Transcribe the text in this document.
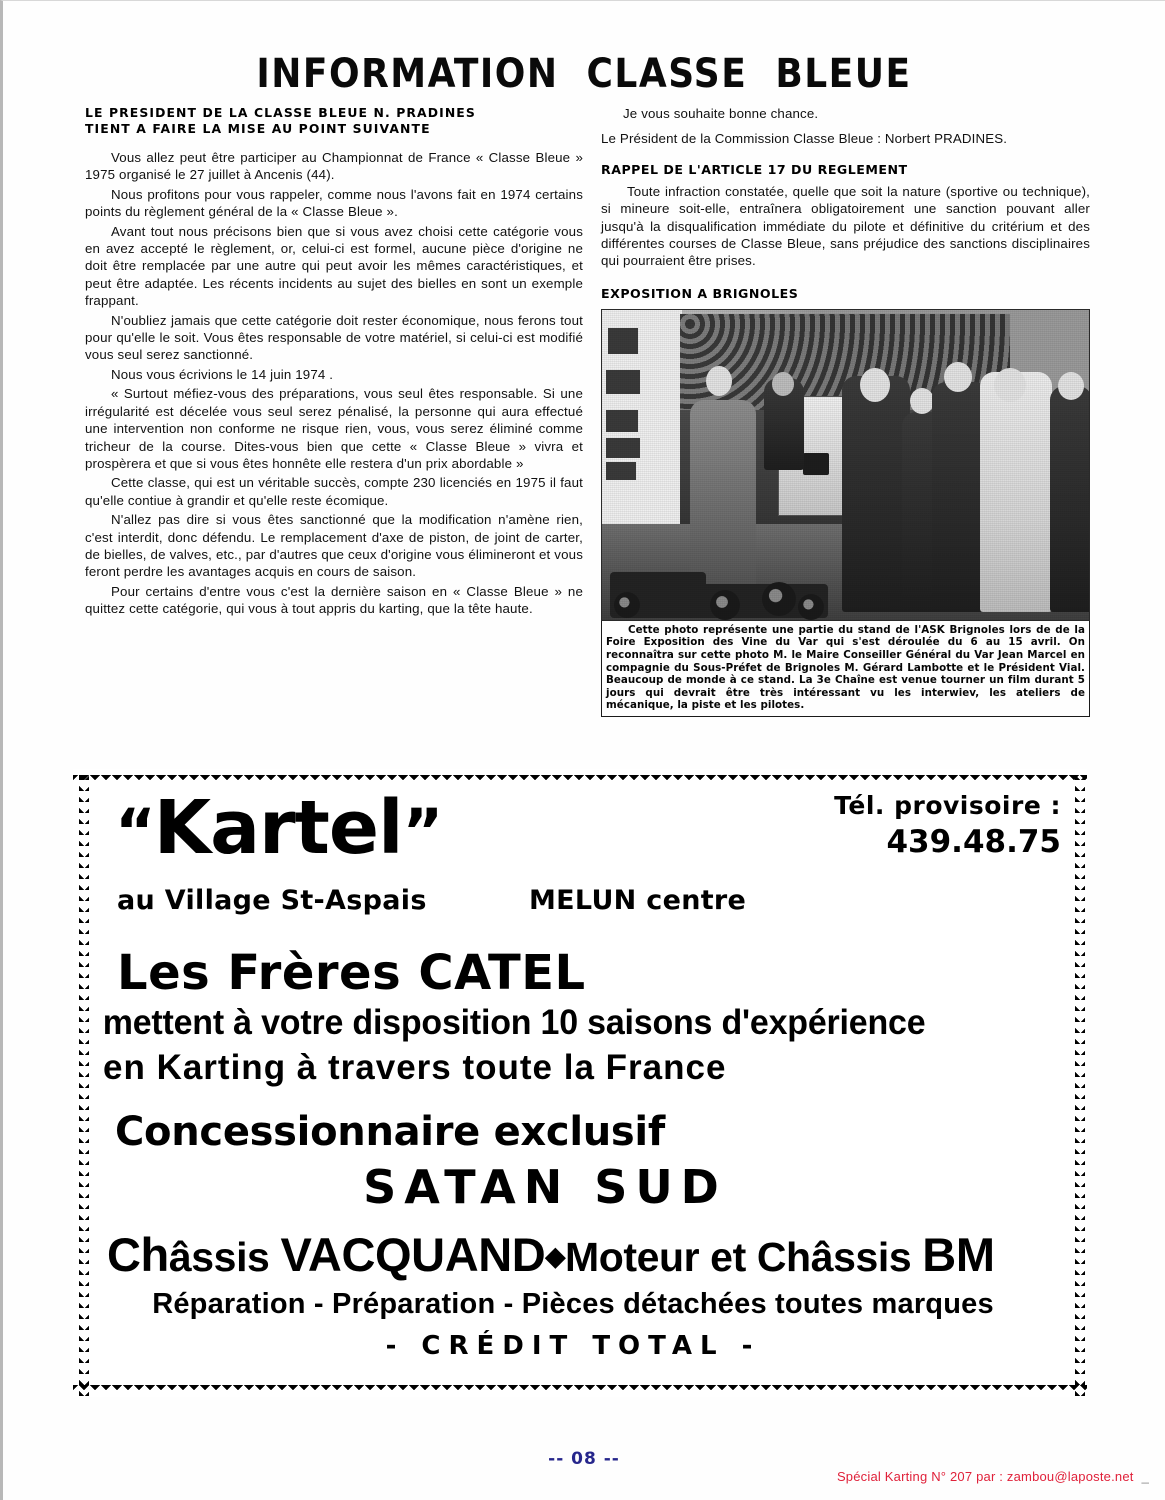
INFORMATION CLASSE BLEUE
LE PRESIDENT DE LA CLASSE BLEUE N. PRADINES
TIENT A FAIRE LA MISE AU POINT SUIVANTE

Vous allez peut être participer au Championnat de France « Classe Bleue » 1975 organisé le 27 juillet à Ancenis (44).

Nous profitons pour vous rappeler, comme nous l'avons fait en 1974 certains points du règlement général de la « Classe Bleue ».

Avant tout nous précisons bien que si vous avez choisi cette catégorie vous en avez accepté le règlement, or, celui-ci est formel, aucune pièce d'origine ne doit être remplacée par une autre qui peut avoir les mêmes caractéristiques, et peut être adaptée. Les récents incidents au sujet des bielles en sont un exemple frappant.

N'oubliez jamais que cette catégorie doit rester économique, nous ferons tout pour qu'elle le soit. Vous êtes responsable de votre matériel, si celui-ci est modifié vous seul serez sanctionné.

Nous vous écrivions le 14 juin 1974 .

« Surtout méfiez-vous des préparations, vous seul êtes responsable. Si une irrégularité est décelée vous seul serez pénalisé, la personne qui aura effectué une intervention non conforme ne risque rien, vous, vous serez éliminé comme tricheur de la course. Dites-vous bien que cette « Classe Bleue » vivra et prospèrera et que si vous êtes honnête elle restera d'un prix abordable »

Cette classe, qui est un véritable succès, compte 230 licenciés en 1975 il faut qu'elle contiue à grandir et qu'elle reste écomique.

N'allez pas dire si vous êtes sanctionné que la modification n'amène rien, c'est interdit, donc défendu. Le remplacement d'axe de piston, de joint de carter, de bielles, de valves, etc., par d'autres que ceux d'origine vous élimineront et vous feront perdre les avantages acquis en cours de saison.

Pour certains d'entre vous c'est la dernière saison en « Classe Bleue » ne quittez cette catégorie, qui vous à tout appris du karting, que la tête haute.

Je vous souhaite bonne chance.

Le Président de la Commission Classe Bleue : Norbert PRADINES.

RAPPEL DE L'ARTICLE 17 DU REGLEMENT

Toute infraction constatée, quelle que soit la nature (sportive ou technique), si mineure soit-elle, entraînera obligatoirement une sanction pouvant aller jusqu'à la disqualification immédiate du pilote et définitive du critérium et des différentes courses de Classe Bleue, sans préjudice des sanctions disciplinaires qui pourraient être prises.

EXPOSITION A BRIGNOLES
Cette photo représente une partie du stand de l'ASK Brignoles lors de de la Foire Exposition des Vine du Var qui s'est déroulée du 6 au 15 avril. On reconnaîtra sur cette photo M. le Maire Conseiller Général du Var Jean Marcel en compagnie du Sous-Préfet de Brignoles M. Gérard Lambotte et le Président Vial. Beaucoup de monde à ce stand. La 3e Chaîne est venue tourner un film durant 5 jours qui devrait être très intéressant vu les interwiev, les ateliers de mécanique, la piste et les pilotes.
“Kartel”	Tél. provisoire :
439.48.75
au Village St-Aspais	MELUN centre
Les Frères CATEL
mettent à votre disposition 10 saisons d'expérience
en Karting à travers toute la France
Concessionnaire exclusif
SATAN SUD
Châssis VACQUAND◆Moteur et Châssis BM
Réparation - Préparation - Pièces détachées toutes marques
- CRÉDIT TOTAL -
-- 08 --
Spécial Karting N° 207 par : zambou@laposte.net _
